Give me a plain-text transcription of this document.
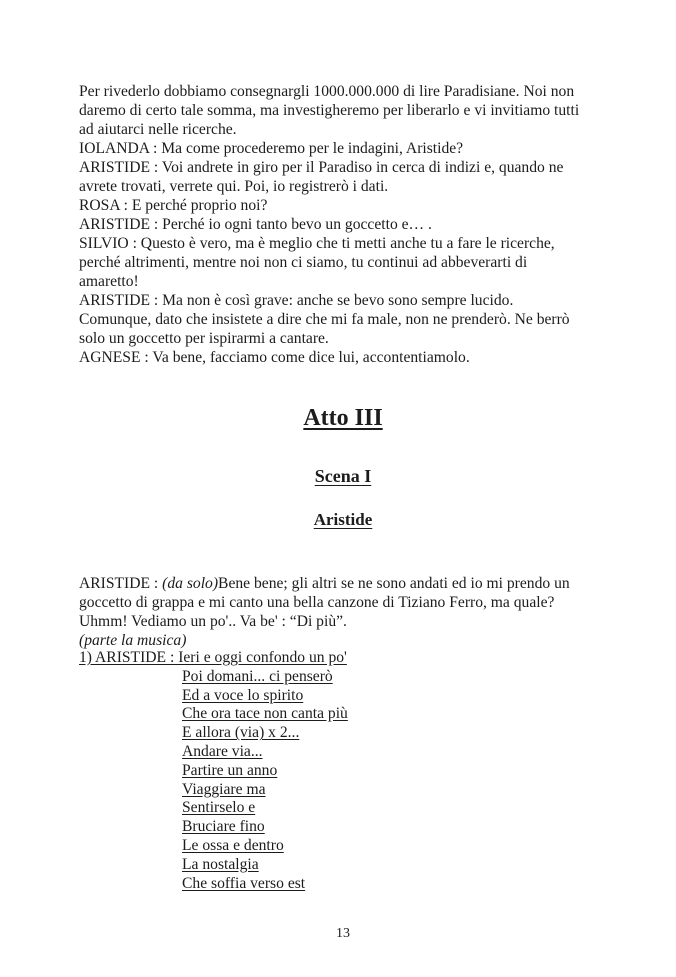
Per rivederlo dobbiamo consegnargli 1000.000.000 di lire Paradisiane. Noi non
daremo di certo tale somma, ma investigheremo per liberarlo e vi invitiamo tutti
ad aiutarci nelle ricerche.

IOLANDA : Ma come procederemo per le indagini, Aristide?

ARISTIDE : Voi andrete in giro per il Paradiso in cerca di indizi e, quando ne
avrete trovati, verrete qui. Poi, io registrerò i dati.

ROSA : E perché proprio noi?

ARISTIDE : Perché io ogni tanto bevo un goccetto e… .

SILVIO : Questo è vero, ma è meglio che ti metti anche tu a fare le ricerche,
perché altrimenti, mentre noi non ci siamo, tu continui ad abbeverarti di
amaretto!

ARISTIDE : Ma non è così grave: anche se bevo sono sempre lucido.
Comunque, dato che insistete a dire che mi fa male, non ne prenderò. Ne berrò
solo un goccetto per ispirarmi a cantare.

AGNESE : Va bene, facciamo come dice lui, accontentiamolo.

Atto III
Scena I
Aristide

ARISTIDE : (da solo)Bene bene; gli altri se ne sono andati ed io mi prendo un
goccetto di grappa e mi canto una bella canzone di Tiziano Ferro, ma quale?
Uhmm! Vediamo un po'.. Va be' : “Di più”.
(parte la musica)

1) ARISTIDE : Ieri e oggi confondo un po'
Poi domani... ci penserò
Ed a voce lo spirito
Che ora tace non canta più
E allora (via) x 2...
Andare via...
Partire un anno
Viaggiare ma
Sentirselo e
Bruciare fino
Le ossa e dentro
La nostalgia
Che soffia verso est
13
